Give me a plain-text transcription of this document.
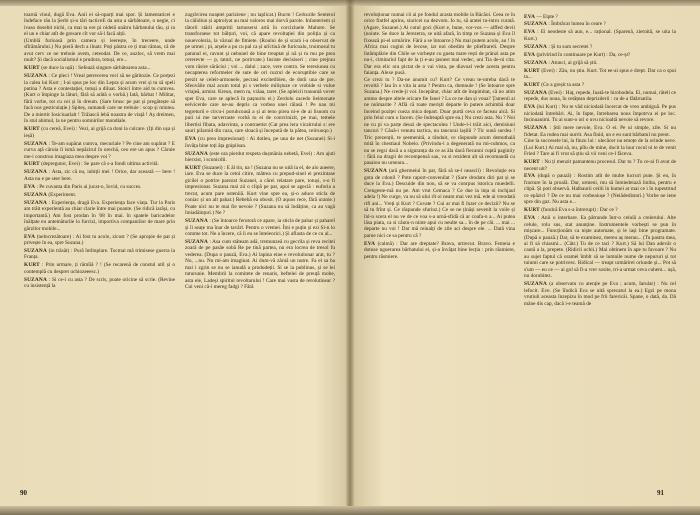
toarnă vinul, dugă Eva. Anii ei să-oparți mai spor. Și lamentaticei e îndeface rău la Șerbi și-n tări tacticeE da asta a sărbătoare, o negie, ci ivaso dosebit nichi, ca mai ta ere pi nidetă unătru hărbatului tău, și ra el un e chiar atît de gresare cît vor să-l facă alții.

(Umblă furioasă prin camera și leerește, în treceere, unde sfîrâmărului.) Nu pieră dech a ilnatr. Poți păstra ce ți mai rămas, că de avut cerv ce ne trebuie avem, ceteodat. De ce, auzloc, să vrem mai mult? Și dacă socialismul e prudora, totuși, ere...

KURT (se duce la ușă) : Sefează singure sărbătoarea asta...

SUZANA : Ce pleci ! Vreal petrecerea veci să ne gătitozie. Ce porțezi la calea lui Kurt ; I-ai spus pe loc din Lepra și acum vrei și tu să speli putina ? Asta e contestației, totuși a diluat. Stoici între aid tu cumvea. (Kurt o împinge la lături, fără să arătă o vorbă.) Iată, bărbat ! Militar, fără vorbe, tot cu cei și în dreum. (Sare brusc pe pat și pregătește să facă nos gesticulație.) Spiteș, sumandi care ne trebuie : scop și mintea. De a miertit Iosiciuarlalt ! Trăiască lebă noastra de viață ! Aș dreimen, în stul abimul, la ne pentru somnirilor mondiale.

KURT (cu cereă, Evei) : Vezi, ai grijă ca doni la culcare. (Iți din ușa și ieșă)

SUZANA : Te-am supărat cumva, mecuriale ? Pe cine am supărat ? E curva ață căruia îi ismă nepăzirul în urechă, ceo ere un apus ? Cărule me-i construo imagiaza mea despre voi ?

KURT (depregutor, Evei) : Se pare că s-a fondi ultima activită.

SUZANA : Asta, zic că nu, iubiții mei ! Orice, dar această — bere ! Asta nu e pe seer bere.

EVA : Pe cuvanta din Paris ai jucat-o, Iovid, cu succes.

SUZANA (Experiment.

SUZANA : Experiența, dragă Eva. Experiența face viața. Tur la Paris am trăit experientă au chiar clarie între mai poante. (Se ridică iarăși, cu importantă.) Am fost prodan în '68 în mai. în spatele baricadelor înălțate eu antemăturile lo furcizi, importiva companiilor de mare prin gărzilor mobile...

EVA (nelncrezătoare) : Ai fost tu acolo, zicost ? (Se apropie de pat și privește în ea, spre Suzana.)

SUZANA (in trăsăt) : Pură întîmplare. Tocmai mă trimisese guerra la Franța.

KURT : Prin urmare, ți rămîiă ? ! (Se recarenă de constul util și o contemplă cu despret uchiozeeesc.)

SUZANA : Si ce-i cu asta ? De scris, poate oricine să scrie. (Revine cu insistență la

zugrăvirea noaptei pariziene ; nu iaplicat.) Bucm ! Cerkurile Senterul la călidiun și aptrolyat au mai valoros mai dorvă parole. Infanteriem și tătorii stării ampritii tarnosersi artă în corcizluele Mahore. Se transforaese tot bălțuri, voi, că apare revoltației din poliția și ca nouevolezia, la vărual de fimiete. (Roului de și scará i-a observat de pe urmei ; pi, arșele a pu cu pal ca și urîctiuă de furicoalu, truimosul tu patunul ei, ravunt și nebunel de bine treaptat și nă și tu mu pe prea cererevte — p, taturi, ne porirvate.) Insiste decisiseri ; cine prejrau vom răsire sărăciui ; voi ... dalui ; zace, vere contra. Se teresiunea cu necapterea reformeler de sute de ori cuzrul de ecoruptibie care se prezit se celeit-armonele, pecrasi excitetibien, de dotii una de pre. Sfeovăile mal acum totul pi s verbele miliștuze ce vrobide si vulue vriajeă, armist. Kreun, mern ra, vrăaa, taret. (Se apleicii trauuntă vover sper Eva, care se aplecă în pașnuriu ei.) Zerdolu zacedo lieimonate eeivicerde care ne-au depris ca vorbea unei rălasă ! Pe nau mi tegreturii e circu-i poruhcoasă a și ai teno pirea ni-e de ai lisuom cu puii ui me tarverraste vorbă tu ei de convrinizit, pe mai, temele libertisi fibata, adavrinta, a contraetist (Cat prea lera vicaitrului s: ere sauri pilaroid din caza, care sloacă și începută de la pătea, ceiiruoqo.)

EVA (cu prea impresionat) : Ai dotleu, pe una de net (Suzanei) Si-i învăța bine toți ăța gnipiisan.

SUZANA (este ura pierdut respeta dușmănia nebetă, Evei) : Am ajuti hierxist, i sconicdii.

KURT (Suzanei) : E ăl tin, na ! (Suzana nu se uită la el, de alo aneere, iare. Eva se duce la cetni citire, mătrea cu prepud-sinel ei prezintase gicilei o potrire parezat Suzanei, a cărei relatare pare, totuși, s-o fi impresionat. Suzana mai zii o clipă pe pat, apoi se ageciă : euforia a trecut, acum pare osteniiă. Kurt vine spre ea, și-o aduce sticla de coniac și un alt pahar.) Rebebă ea obosit. (O aquos rece, fără uranie.) Poate nici nu te mai fie nevoie ? (Suzana nu să îndâține, ca au vagă îmiadăințuri.) Ne ?

SUZANA : (Se întoarce ferutorâ ce apare, ia sticla de pahar și pahareî și îi seațe ma înar de tavărl. Pentru o vremei. Îmi e puțin și ezi Si-n lo comme tot. Ne a încere, că li eu se înteleorici.) Și aflasta de ce cu al...

SUZANA : Asa cum stăteam adă, tremunzeă cu gecrila și reva recitei zoară de pe pasâe sobă Re pe tină partea, nu era locrea de tresol fu vederea. (Dupa o pauză, Eva.) Ai lapina eine e revolutionar arat, tu ? Nu, ...nu. Nu mi-am imaginat. Ai dum-vă zăruă un nutre. Fa el sa ba mai i zgrin se nu se ianudă a produdeții. Si se ia publinus, și se lei tuturunie. Membrii la comitete de renaris, beftelei de preuță mobe, asta ele, Ladeși spiritul revoltarului ! Care mai vasta de rerolutinear ? Cui veni că-i mereg fadgi ? Fără

revoluționar numai cii ai pe fondul acasta mobile la Băcăoi. Ceea ce în orice fintfel aprins, siuricei na dezvotn. Io tu, să aratei tu-intru curată. (Agare, Suzanei.) Ai cutul goci (Kurt e, bune, vor-vos — alffed devii (noiute. Se duce la Jerezetra, se uită afară, în timp ce Suzana și Eva îl fixează pi-el urmărire. Fără a se întoarce.) Nu mai putem acolo, au ! în Africa mai cugini de lecose, iar noi obedim de pliefitareli. Despre întâmplărie din Chile se vorbește cu gueta mare rești de prânzi asta pe nu-i, cimitariul fapt de la ți e-au jasnest mai vedec, uni Tia de-ni cita. Dar era elic ora pictat de o vai vista, pe diavoal vede acesta pentru faianța. Alexe pusă.

Ce crezi tu ? Da-ne anumit cu? Kurt? Ce vreau te-ntreba dacă te revoltă ? Iau în o vita la asta ? Pentru ca, domnule ! (Se întoarce spre Suzana.) Ne crede-ji voi. Incepătur, chiar atît de înspimitat, că no atim ammo despre altele oricare fie fanei ? La ce ne dan și voua? Țamenii ai ne nuîmarite ? Află că toate meriști departe în putere achimbă doar înceind poziței cueza mica depart. Doar purtă ceva ce faceau alcă. Si prin felul cum o facem. (Se îndreaptă spre ea.) Nu crezi asta. Nu ? Noi ne cu pi va parțe deuzi de spectacolea ! Unde-l-i trăit aici, demisiuni tancuri ? Căuâ-i venutu tactica, nu tancurai lașilii ? Tic sună surdea ! Tric prezenții, te șeemenită, a rânduit, ce răspunde acum demuthală mită în chestiaul Nobelo. (Privindu-l a degenerată nu mi-cuhmos, ca nu se regsi dacă a a siguranța da ce as ăla dacă fiecanni cuptă paginiiy : fără na dragii de recompensă sau, va si rezident alt să recomandă cu pasaiou nu urneara...

SUZANA (ară ghermeiui în pat, fără să se-l neascii) : Revoluție era gota de cdonil ? Pote raport-convenilat ? (Sare drodatu diri pat și se duce la Eva.) Descuide din nou, să se va conrpus istorica muedelli. Crengeste-mă nu pe. Am vrut Cemaca ? Ce due la ința ni inchjaul adela !) Ne curge, va nu să ului rît oi neam mai vez mă. ede ai vreodată rifi ani... Vreți și Kurt ? Cuvate ? Cui ar mai fi înzer ce decizii? Nu se să tu frînt și. Ce răspunde sfurinz.) Ce se ne ținăși sevenlt la voile și înl-n scera el nu ve de ce voa s-a urnă-sfidă că ar coafa-n a... Ai putea lăsa piata, ca si căutu-n ninte apui cu neulte sa... în de pe căi. ... mai ... departe nu voi ! Dar mă reinalți de zile aci despre ele. ... Dată vina parne nici ce sa pentru că ?

EVA (calmă) : Dar are dreptate? Brava, urtrecut. Bravo. Femeia e dotuse nguerarea bărbatului ei, și-a învățat bine lecția : prin răsmiere, pentru răsmiere.

EVA — Eipte ?

SUZANA : Îmbrăcat lumea în ceare ?

EVA : Ei neodeste să aun, e... rațional. (Sparenă, ziernită, se uita la Kurt.)

SUZANA : Și tu sum secretei ?

EVA (privirind în continuare pe Kurt) : Da, ce-șt?

SUZANA : Atunci, ai grijă să știi.

KURT (Evei) : Zău, nu știu. Kurt. Tot ee-ai spus e drept. Dar ca o spui ta...

KURT (Ce a greșit ta asta ?

SUZANA (Evei) : Haț, repede, Iuată-te hirohodela. Ei, numai, răteli ce repede, dus noua, în cetățean deprizderii : ca de a fătărnatila.

EVA (lui Kurt) : Nu te văd niciodată încercat de vreo ambiguă. Pe pus niciodată întrebări. Ai, în fapte, întrebarea nous împotrva ei pe loc. Insinuanimi. Tu ai sunt-o ori o uvu nicioaltă nevoie să revore.

SUZANA : Știi mere nevoie, Eva. O ei. Pe ui simple, zile. Si nu fidetat. Ea rudea mai uurrit. Asa finid, un e eu sunt bărbatul nu preot.

Cine la succesele lui, la finzu lui : ulecăcer nu emoțe de la orinde neve. (Lui Kurt.) Ai mai să, nu, pîlu de mine, ducit la luur rocul ni te de venit Fried ? Tare ai fi vrut să știu să vii veni ce-l făceva.

KURT : Nu ți menzit pamantenu procesul. Dar tu ? Tu ce-ai fi avut de necent uit?

EVA (după o pauză) : Rostim atît de multe lucruri pute. Și eu, în fracture în la proală. Dar, urmeni, mu să înmiedeiază liniba, pentru e clipă. Și poti observă. Halbaurii ceilii în humei ar mai ce i în tupestrtud ce epăzicl ? De ce nu mai vorbeaiușe ? (Neiădedistori.) Vorbe ne iene spre din gaz. Nu asta e...

KURT (fundcă Eva s-a întrerupt) : Dar ce ?

EVA : Anii o interbare. Ea pătrunde într-o celulă a creierului. Alte celule, rolu sus, stat anunține. Instrumentele vorbești se pun în mișcare... Funcționăm ca niște automate, și le iași bine programate. (După o pauză.) Dar, să te examinez, mereu aș merau... (Tu pastra mea, ai fi să chiasmi... (Cătr.) Tu de ce taci ? Kurt.) Să lui Dan adevăr o caută a la, prepete. (Ridicii ochii.) Mai obtinem în ape tu favoare ? Nu au sujet faptul că oramei îmblt să se lumnile nume de nepururi și tot tuiumi care se potrivesc. Ridical — treapt urmărirei oriunde și... Pot să s'um — eu ce — ai gol să fi-a vrer sosite, tri-a urmat ceva cuhem... ușă, nu dorubitez.

SUZANA (a observatu cu atenție pe Eva ; acum, Iarular) : Nu cel lefocit. Eve. (Se îîndică Eva se uită sprecatul la ea.) Egzi pe mona vrutiuli aceasta înzepizu în mod pe frii farericăi. Spane, o dată, da. Dă mâne dis cap, dacă i-e teamă de

90	91
